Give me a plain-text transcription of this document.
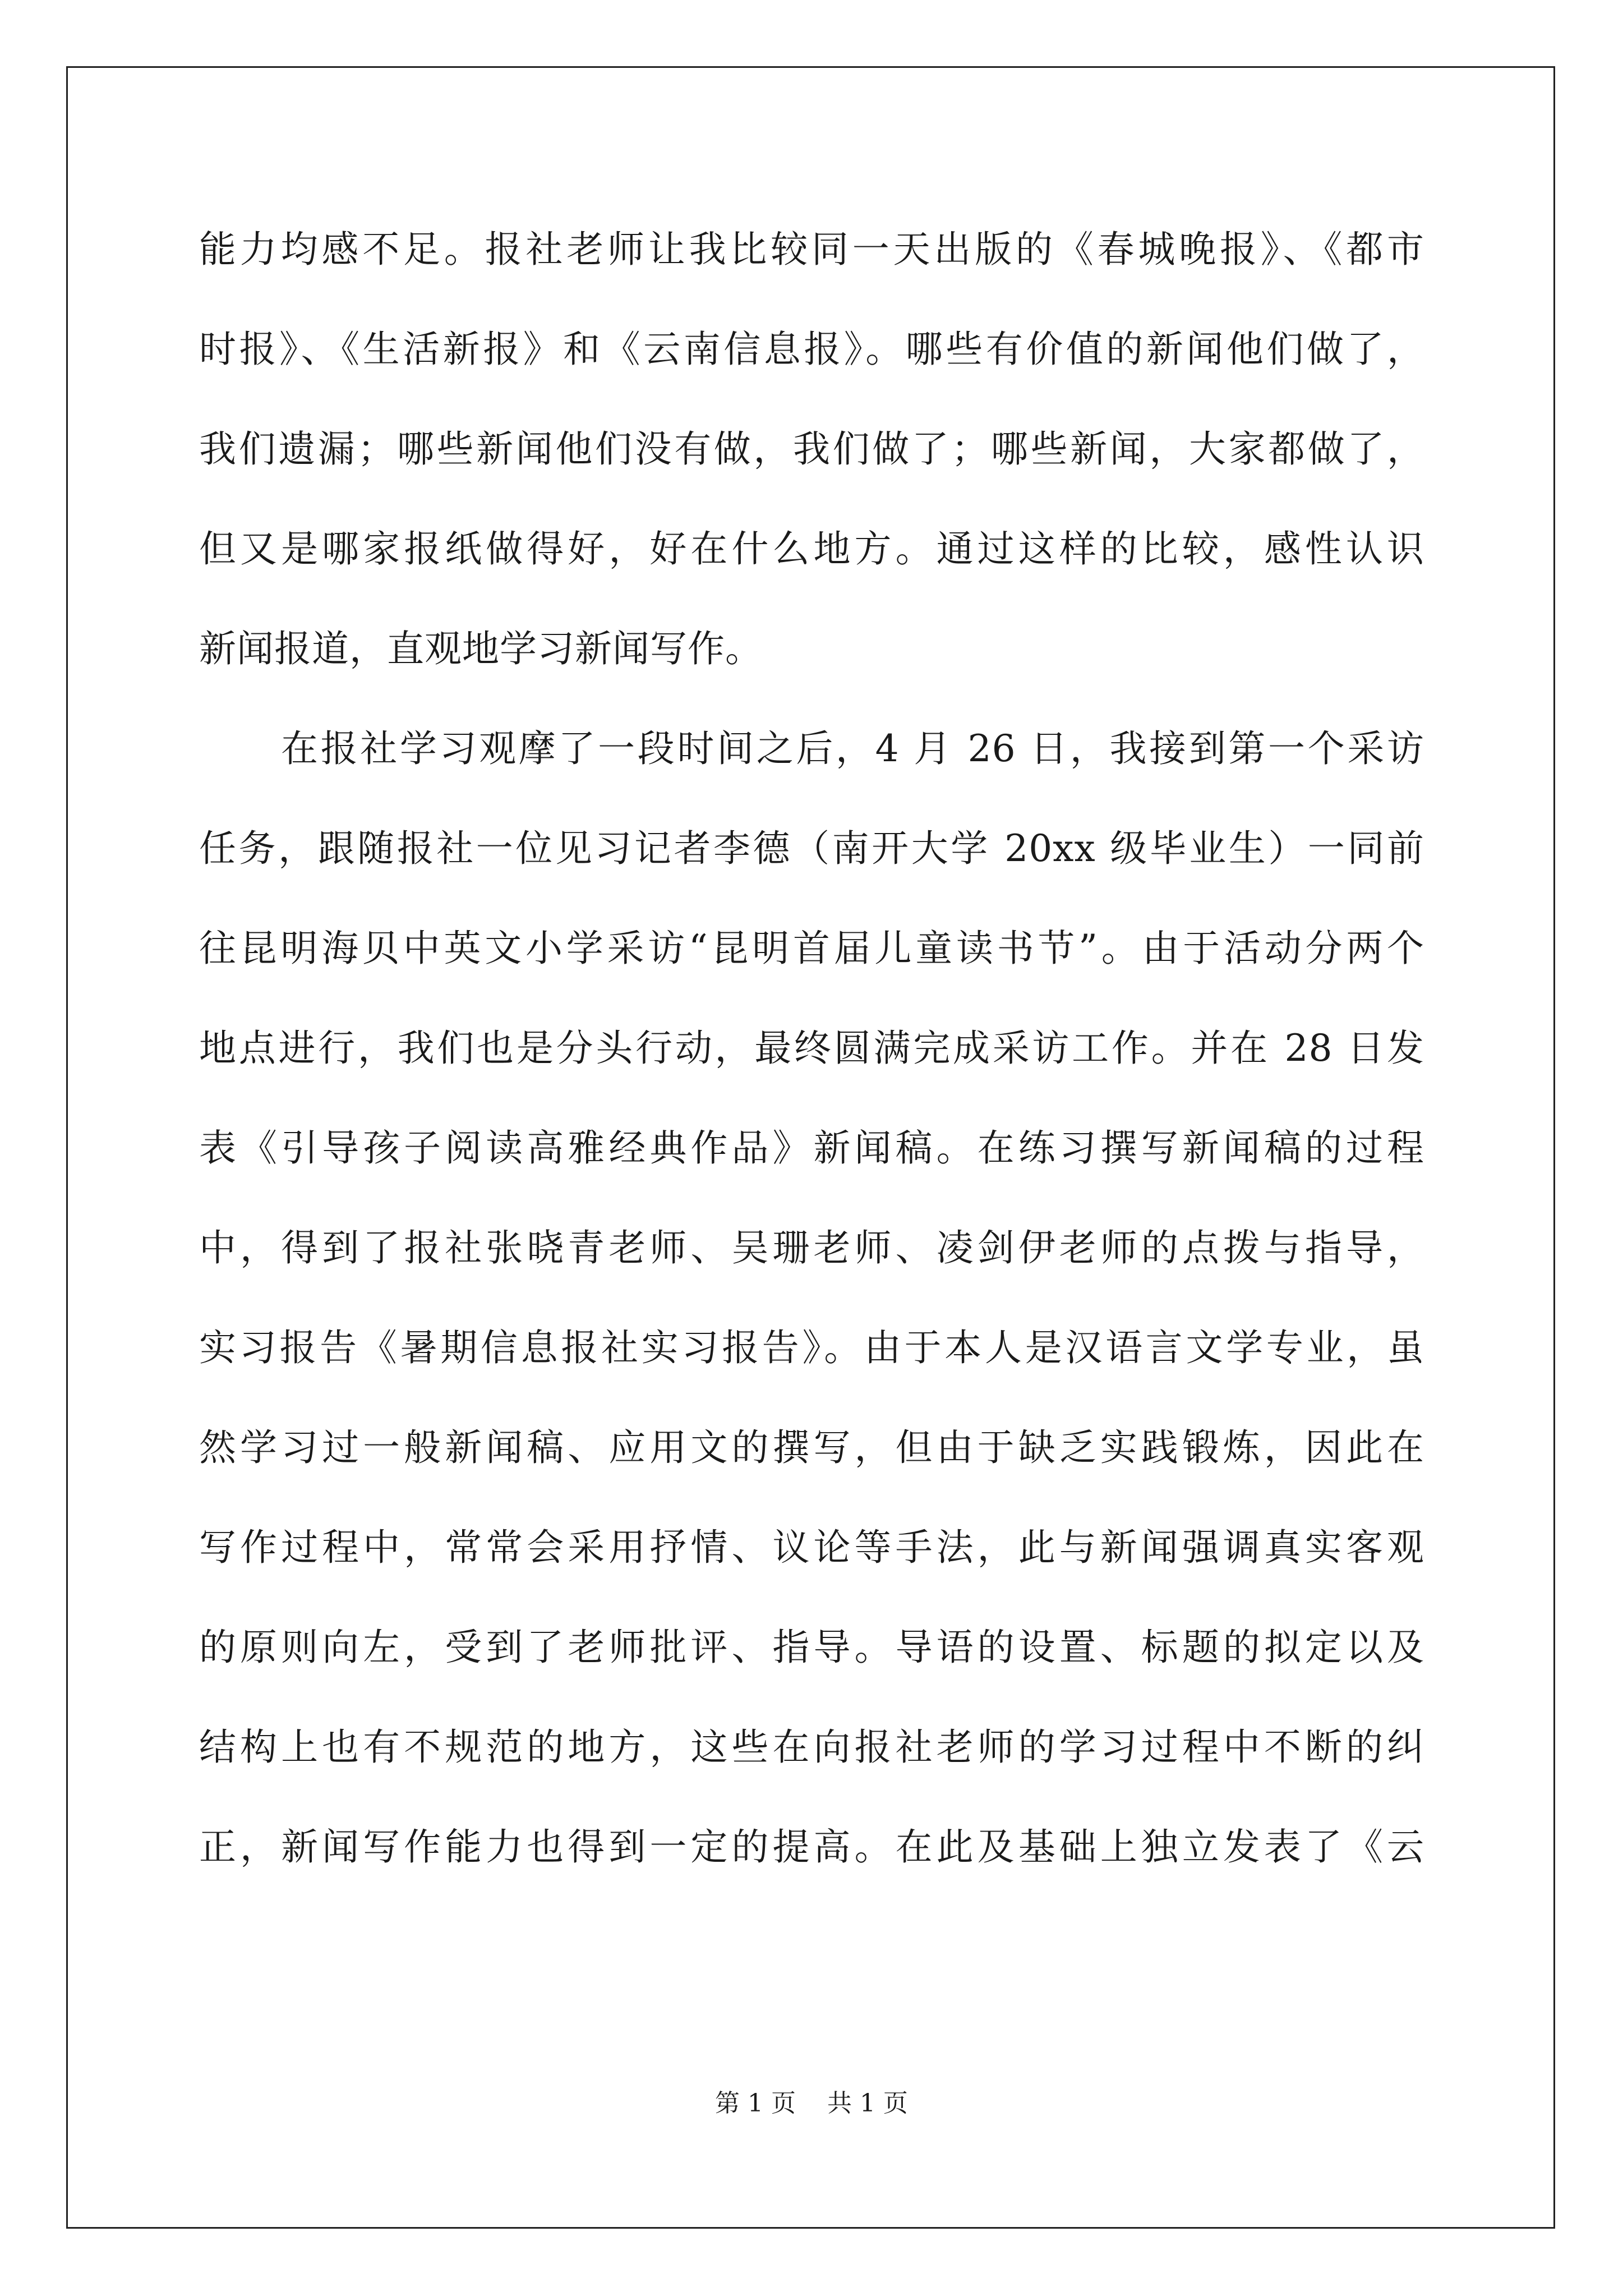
能力均感不足。报社老师让我比较同一天出版的《春城晚报》、《都市
时报》、《生活新报》和《云南信息报》。哪些有价值的新闻他们做了，
我们遗漏；哪些新闻他们没有做，我们做了；哪些新闻，大家都做了，
但又是哪家报纸做得好，好在什么地方。通过这样的比较，感性认识
新闻报道，直观地学习新闻写作。
在报社学习观摩了一段时间之后，4 月 26 日，我接到第一个采访
任务，跟随报社一位见习记者李德（南开大学 20xx 级毕业生）一同前
往昆明海贝中英文小学采访“昆明首届儿童读书节”。由于活动分两个
地点进行，我们也是分头行动，最终圆满完成采访工作。并在 28 日发
表《引导孩子阅读高雅经典作品》新闻稿。在练习撰写新闻稿的过程
中，得到了报社张晓青老师、吴珊老师、凌剑伊老师的点拨与指导，
实习报告《暑期信息报社实习报告》。由于本人是汉语言文学专业，虽
然学习过一般新闻稿、应用文的撰写，但由于缺乏实践锻炼，因此在
写作过程中，常常会采用抒情、议论等手法，此与新闻强调真实客观
的原则向左，受到了老师批评、指导。导语的设置、标题的拟定以及
结构上也有不规范的地方，这些在向报社老师的学习过程中不断的纠
正，新闻写作能力也得到一定的提高。在此及基础上独立发表了《云
第 1 页    共 1 页
